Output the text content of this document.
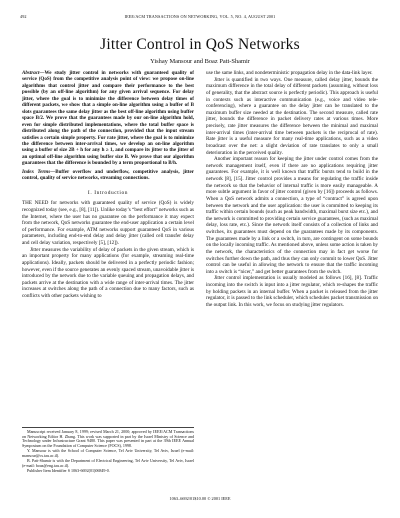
492	IEEE/ACM TRANSACTIONS ON NETWORKING, VOL. 5, NO. 4, AUGUST 2001
Jitter Control in QoS Networks
Yishay Mansour and Boaz Patt-Shamir

Abstract—We study jitter control in networks with guaranteed quality of service (QoS) from the competitive analysis point of view: we propose on-line algorithms that control jitter and compare their performance to the best possible (by an off-line algorithm) for any given arrival sequence. For delay jitter, where the goal is to minimize the difference between delay times of different packets, we show that a simple on-line algorithm using a buffer of B slots guarantees the same delay jitter as the best off-line algorithm using buffer space B/2. We prove that the guarantees made by our on-line algorithm hold, even for simple distributed implementations, where the total buffer space is distributed along the path of the connection, provided that the input stream satisfies a certain simple property. For rate jitter, where the goal is to minimize the difference between inter-arrival times, we develop an on-line algorithm using a buffer of size 2B + h for any h ≥ 1, and compare its jitter to the jitter of an optimal off-line algorithm using buffer size B. We prove that our algorithm guarantees that the difference is bounded by a term proportional to B/h.

Index Terms—Buffer overflow and underflow, competitive analysis, jitter control, quality of service networks, streaming connections.

I. Introduction

THE NEED for networks with guaranteed quality of service (QoS) is widely recognized today (see, e.g., [8], [11]). Unlike today’s “best effort” networks such as the Internet, where the user has no guarantee on the performance it may expect from the network, QoS networks guarantee the end-user application a certain level of performance. For example, ATM networks support guaranteed QoS in various parameters, including end-to-end delay and delay jitter (called cell transfer delay and cell delay variation, respectively [5], [12]).

Jitter measures the variability of delay of packets in the given stream, which is an important property for many applications (for example, streaming real-time applications). Ideally, packets should be delivered in a perfectly periodic fashion; however, even if the source generates an evenly spaced stream, unavoidable jitter is introduced by the network due to the variable queuing and propagation delays, and packets arrive at the destination with a wide range of inter-arrival times. The jitter increases at switches along the path of a connection due to many factors, such as conflicts with other packets wishing to

Manuscript received January 8, 1999; revised March 21, 2000; approved by IEEE/ACM Transactions on Networking Editor H. Zhang. This work was supported in part by the Israel Ministry of Science and Technology under Infrastructure Grant 9480. This paper was presented in part at the 39th IEEE Annual Symposium on the Foundation of Computer Science (FOCS), 1998.

Y. Mansour is with the School of Computer Science, Tel Aviv University, Tel Aviv, Israel (e-mail: mansour@cs.tau.ac.il).

B. Patt-Shamir is with the Department of Electrical Engineering, Tel Aviv University, Tel Aviv, Israel (e-mail: boaz@eng.tau.ac.il).

Publisher Item Identifier S 1063-6692(01)06849-0.

use the same links, and nondeterministic propagation delay in the data-link layer.

Jitter is quantified in two ways. One measure, called delay jitter, bounds the maximum difference in the total delay of different packets (assuming, without loss of generality, that the abstract source is perfectly periodic). This approach is useful in contexts such as interactive communication (e.g., voice and video tele-conferencing), where a guarantee on the delay jitter can be translated to the maximum buffer size needed at the destination. The second measure, called rate jitter, bounds the difference in packet delivery rates at various times. More precisely, rate jitter measures the difference between the minimal and maximal inter-arrival times (inter-arrival time between packets is the reciprocal of rate). Rate jitter is a useful measure for many real-time applications, such as a video broadcast over the net: a slight deviation of rate translates to only a small deterioration in the perceived quality.

Another important reason for keeping the jitter under control comes from the network management itself, even if there are no applications requiring jitter guarantees. For example, it is well known that traffic bursts tend to build in the network [8], [15]. Jitter control provides a means for regulating the traffic inside the network so that the behavior of internal traffic is more easily manageable. A more subtle argument in favor of jitter control (given by [16]) proceeds as follows. When a QoS network admits a connection, a type of “contract” is agreed upon between the network and the user application: the user is committed to keeping its traffic within certain bounds (such as peak bandwidth, maximal burst size etc.), and the network is committed to providing certain service guarantees, (such as maximal delay, loss rate, etc.). Since the network itself consists of a collection of links and switches, its guarantees must depend on the guarantees made by its components. The guarantees made by a link or a switch, in turn, are contingent on some bounds on the locally incoming traffic. As mentioned above, unless some action is taken by the network, the characteristics of the connection may in fact get worse for switches further down the path, and thus they can only commit to lower QoS. Jitter control can be useful in allowing the network to ensure that the traffic incoming into a switch is “nicer,” and get better guarantees from the switch.

Jitter control implementation is usually modeled as follows [16], [8]. Traffic incoming into the switch is input into a jitter regulator, which re-shapes the traffic by holding packets in an internal buffer. When a packet is released from the jitter regulator, it is passed to the link scheduler, which schedules packet transmission on the output link. In this work, we focus on studying jitter regulators.

1063–6692/01$10.00 © 2001 IEEE
